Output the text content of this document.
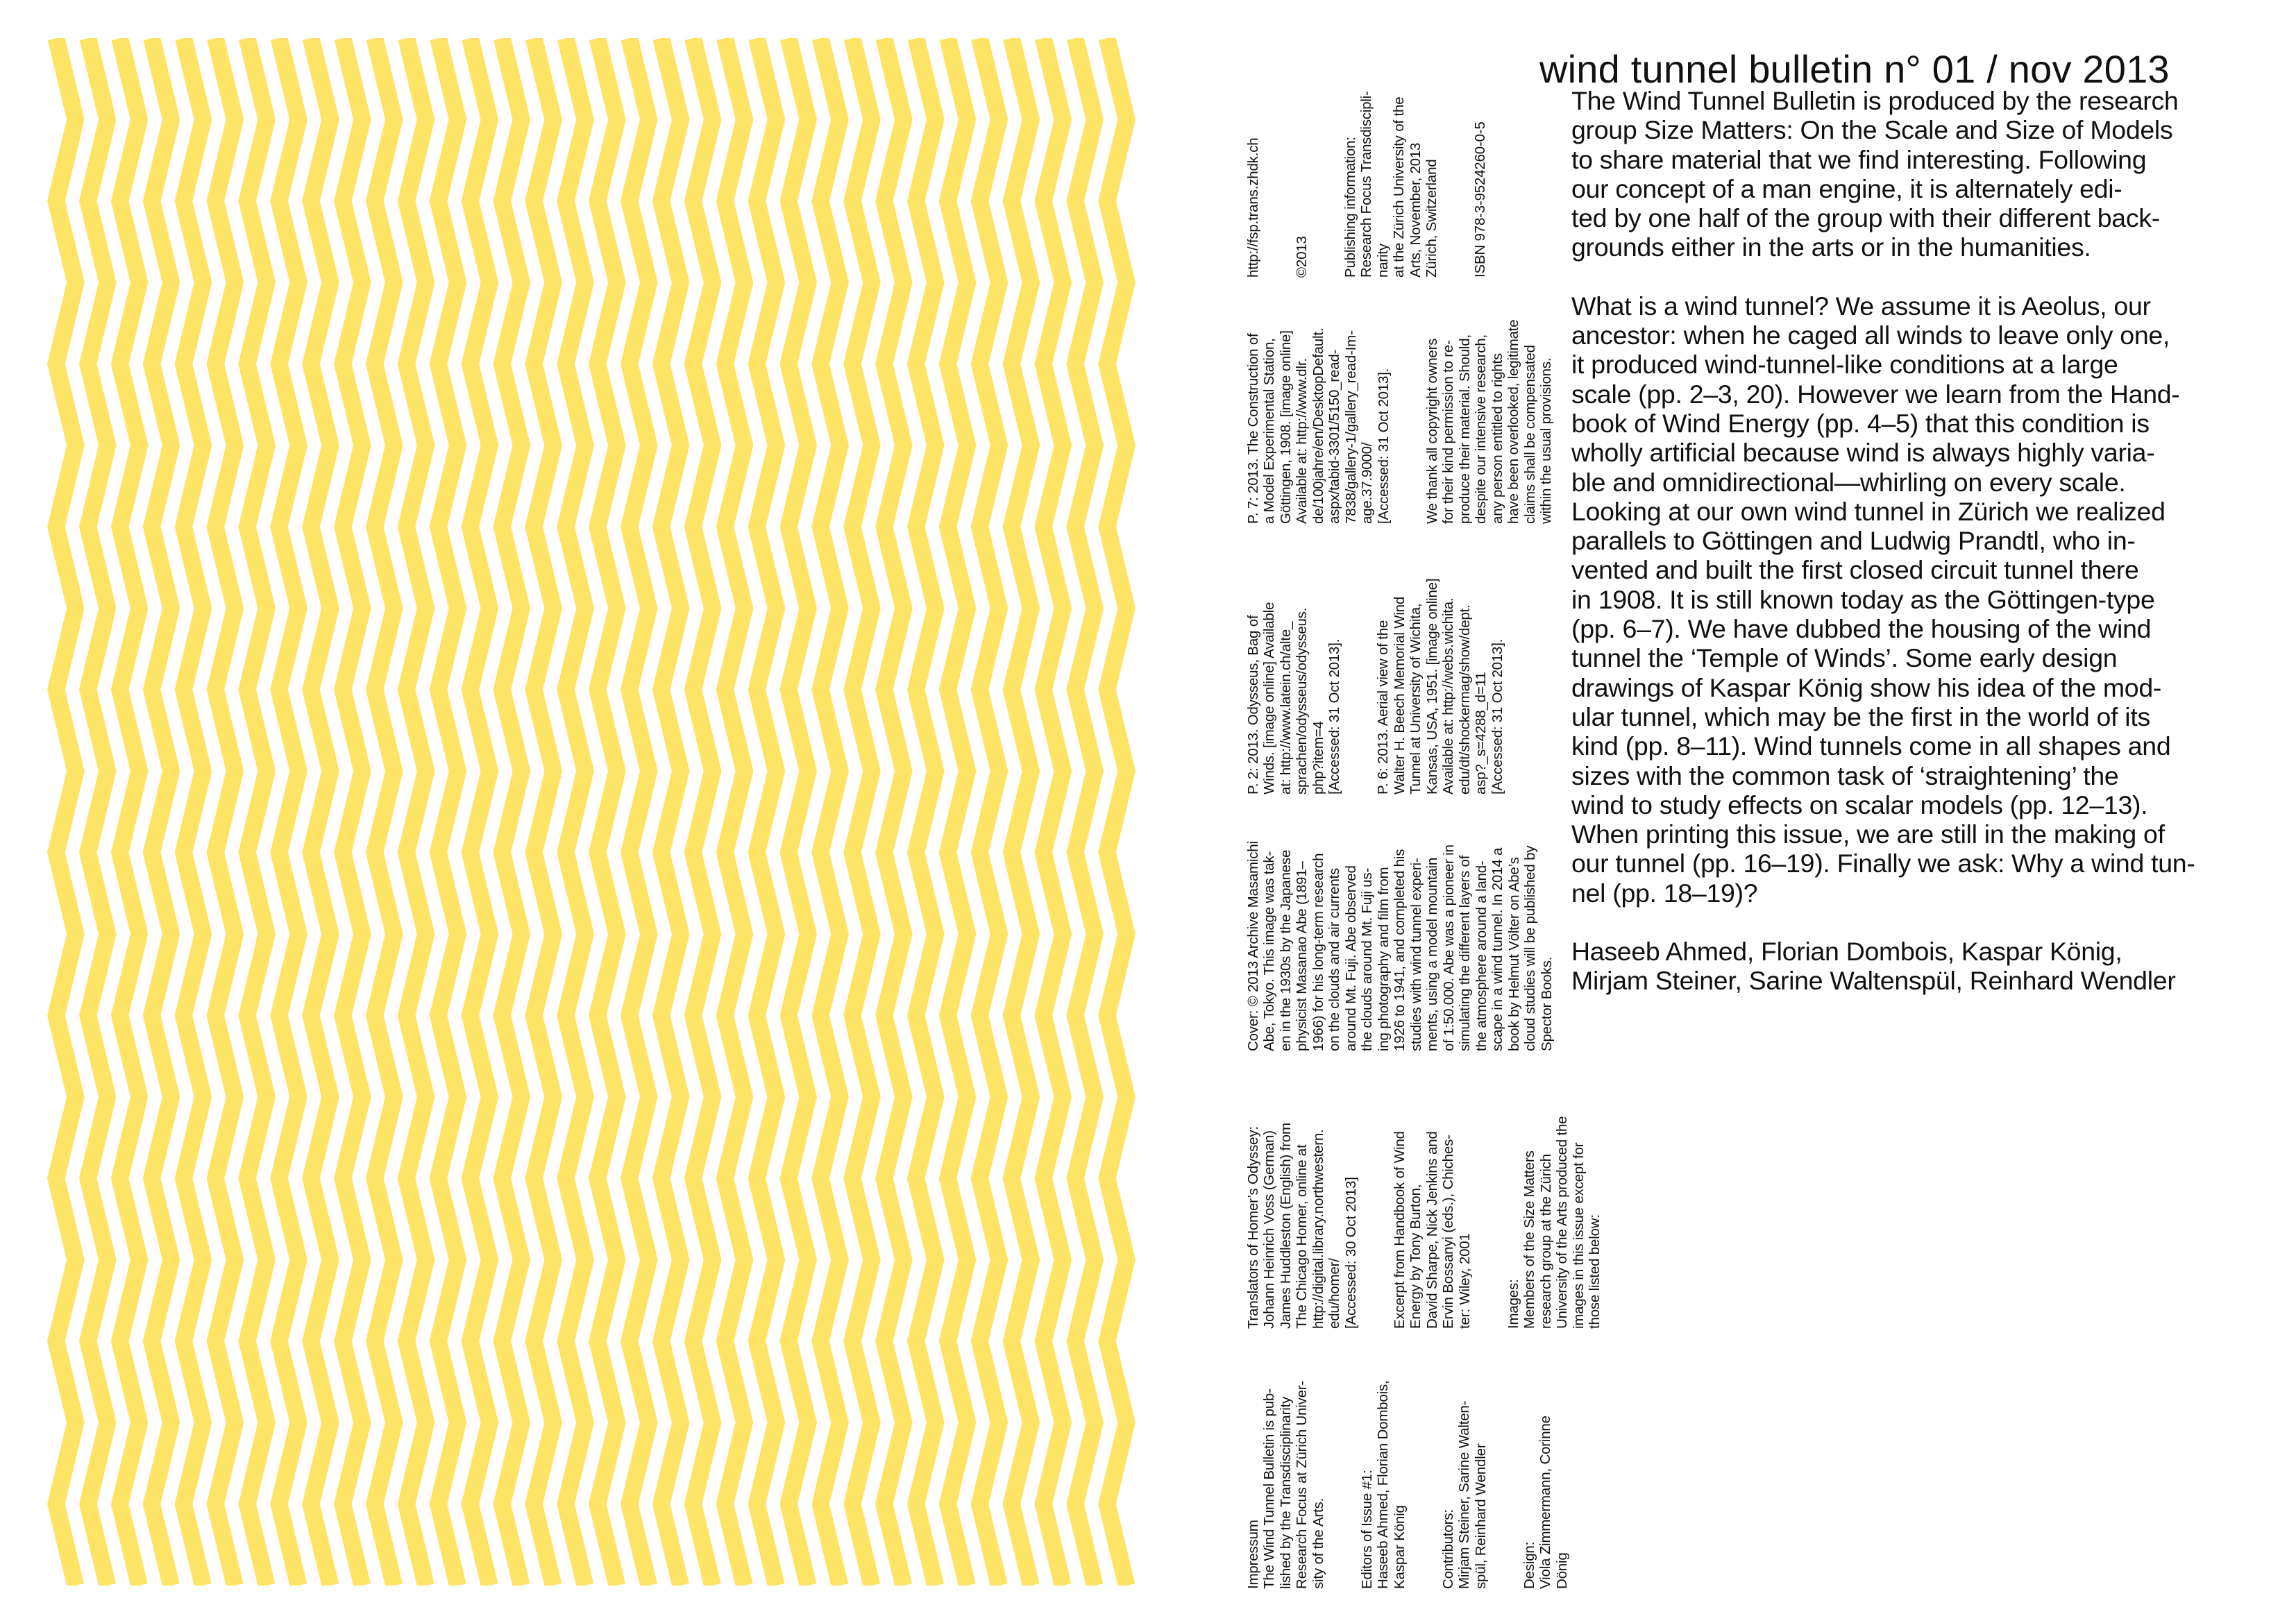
Impressum
The Wind Tunnel Bulletin is pub-
lished by the Transdisciplinarity
Research Focus at Zürich Univer-
sity of the Arts.

Editors of Issue #1:
Haseeb Ahmed, Florian Dombois,
Kaspar König Contributors:
Mirjam Steiner, Sarine Walten-
spül, Reinhard Wendler

Design:
Viola Zimmermann, Corinne
Dönig

Translators of Homer’s Odyssey:
Johann Heinrich Voss (German)
James Huddleston (English) from
The Chicago Homer, online at
http://digital.library.northwestern.
edu/homer/
[Accessed: 30 Oct 2013]

Excerpt from Handbook of Wind
Energy by Tony Burton,
David Sharpe, Nick Jenkins and
Ervin Bossanyi (eds.), Chiches-
ter: Wiley, 2001

Images:
Members of the Size Matters
research group at the Zürich
University of the Arts produced the
images in this issue except for
those listed below:

Cover: © 2013 Archive Masamichi
Abe, Tokyo. This image was tak-
en in the 1930s by the Japanese
physicist Masanao Abe (1891–
1966) for his long-term research
on the clouds and air currents
around Mt. Fuji. Abe observed
the clouds around Mt. Fuji us-
ing photography and film from
1926 to 1941, and completed his
studies with wind tunnel experi-
ments, using a model mountain
of 1:50.000. Abe was a pioneer in
simulating the different layers of
the atmosphere around a land-
scape in a wind tunnel. In 2014 a
book by Helmut Völter on Abe’s
cloud studies will be published by
Spector Books.

P. 2: 2013. Odysseus, Bag of
Winds. [image online] Available
at: http://www.latein.ch/alte_
sprachen/odysseus/odysseus.
php?item=4
[Accessed: 31 Oct 2013].

P. 6: 2013. Aerial view of the
Walter H. Beech Memorial Wind
Tunnel at University of Wichita,
Kansas, USA, 1951. [image online]
Available at: http://webs.wichita.
edu/dt/shockermag/show/dept.
asp?_s=4288_d=11
[Accessed: 31 Oct 2013].

P. 7: 2013. The Construction of
a Model Experimental Station,
Göttingen, 1908. [image online]
Available at: http://www.dlr.
de/100jahre/en/DesktopDefault.
aspx/tabid-3301/5150_read-
7838/gallery-1/gallery_read-Im-
age.37.9000/
[Accessed: 31 Oct 2013].

We thank all copyright owners
for their kind permission to re-
produce their material. Should,
despite our intensive research,
any person entitled to rights
have been overlooked, legitimate
claims shall be compensated
within the usual provisions.

http://fsp.trans.zhdk.ch ©2013 Publishing information:
Research Focus Transdiscipli-
narity
at the Zürich University of the
Arts, November, 2013
Zürich, Switzerland ISBN 978-3-9524260-0-5

wind tunnel bulletin n° 01 / nov 2013

The Wind Tunnel Bulletin is produced by the research
group Size Matters: On the Scale and Size of Models
to share material that we find interesting. Following
our concept of a man engine, it is alternately edi-
ted by one half of the group with their different back-
grounds either in the arts or in the humanities.

What is a wind tunnel? We assume it is Aeolus, our
ancestor: when he caged all winds to leave only one,
it produced wind-tunnel-like conditions at a large
scale (pp. 2–3, 20). However we learn from the Hand-
book of Wind Energy (pp. 4–5) that this condition is
wholly artificial because wind is always highly varia-
ble and omnidirectional—whirling on every scale.
Looking at our own wind tunnel in Zürich we realized
parallels to Göttingen and Ludwig Prandtl, who in-
vented and built the first closed circuit tunnel there
in 1908. It is still known today as the Göttingen-type
(pp. 6–7). We have dubbed the housing of the wind
tunnel the ‘Temple of Winds’. Some early design
drawings of Kaspar König show his idea of the mod-
ular tunnel, which may be the first in the world of its
kind (pp. 8–11). Wind tunnels come in all shapes and
sizes with the common task of ‘straightening’ the
wind to study effects on scalar models (pp. 12–13).
When printing this issue, we are still in the making of
our tunnel (pp. 16–19). Finally we ask: Why a wind tun-
nel (pp. 18–19)?

Haseeb Ahmed, Florian Dombois, Kaspar König,
Mirjam Steiner, Sarine Waltenspül, Reinhard Wendler
